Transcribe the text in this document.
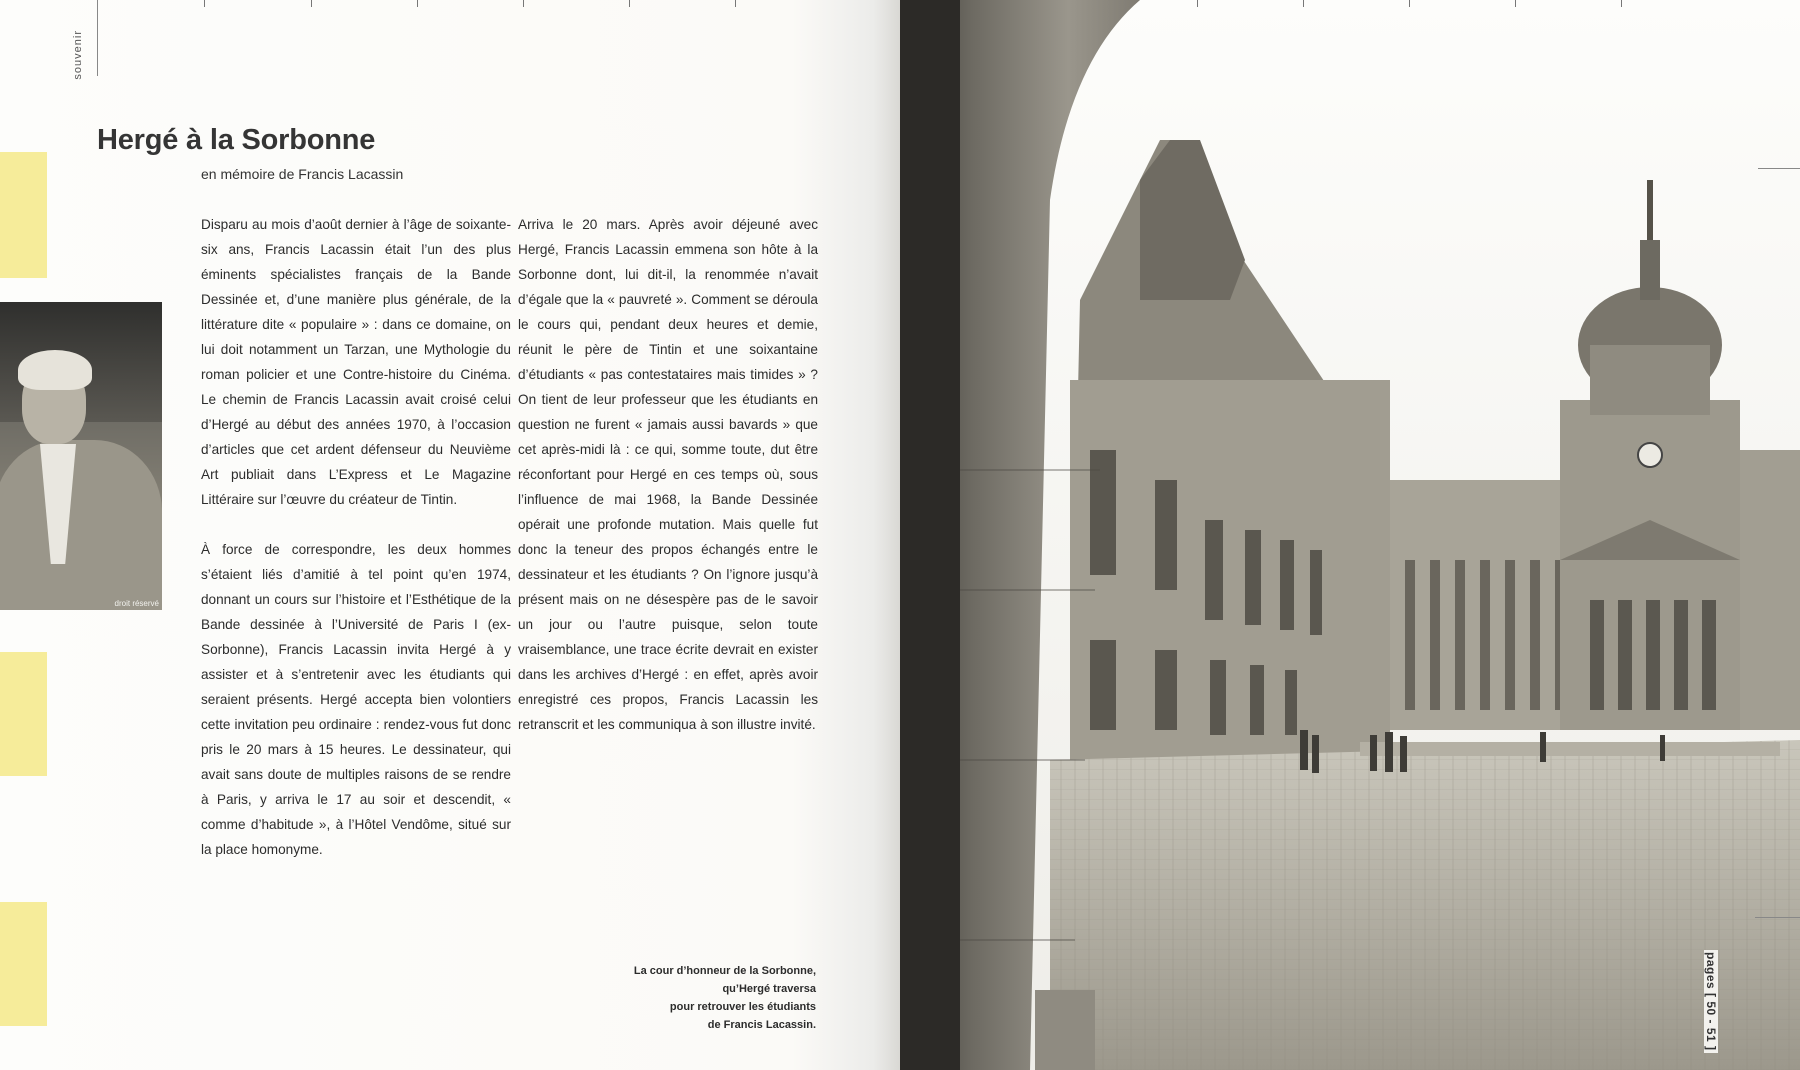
souvenir
Hergé à la Sorbonne
en mémoire de Francis Lacassin
droit réservé

Disparu au mois d’août dernier à l’âge de soixante-six ans, Francis Lacassin était l’un des plus éminents spécialistes français de la Bande Dessinée et, d’une manière plus générale, de la littérature dite « populaire » : dans ce domaine, on lui doit notamment un Tarzan, une Mythologie du roman policier et une Contre-histoire du Cinéma. Le chemin de Francis Lacassin avait croisé celui d’Hergé au début des années 1970, à l’occasion d’articles que cet ardent défenseur du Neuvième Art publiait dans L’Express et Le Magazine Littéraire sur l’œuvre du créateur de Tintin.

À force de correspondre, les deux hommes s’étaient liés d’amitié à tel point qu’en 1974, donnant un cours sur l’histoire et l’Esthétique de la Bande dessinée à l’Université de Paris I (ex-Sorbonne), Francis Lacassin invita Hergé à y assister et à s’entretenir avec les étudiants qui seraient présents. Hergé accepta bien volontiers cette invitation peu ordinaire : rendez-vous fut donc pris le 20 mars à 15 heures. Le dessinateur, qui avait sans doute de multiples raisons de se rendre à Paris, y arriva le 17 au soir et descendit, « comme d’habitude », à l’Hôtel Vendôme, situé sur la place homonyme.

Arriva le 20 mars. Après avoir déjeuné avec Hergé, Francis Lacassin emmena son hôte à la Sorbonne dont, lui dit-il, la renommée n’avait d’égale que la « pauvreté ». Comment se déroula le cours qui, pendant deux heures et demie, réunit le père de Tintin et une soixantaine d’étudiants « pas contestataires mais timides » ? On tient de leur professeur que les étudiants en question ne furent « jamais aussi bavards » que cet après-midi là : ce qui, somme toute, dut être réconfortant pour Hergé en ces temps où, sous l’influence de mai 1968, la Bande Dessinée opérait une profonde mutation. Mais quelle fut donc la teneur des propos échangés entre le dessinateur et les étudiants ? On l’ignore jusqu’à présent mais on ne désespère pas de le savoir un jour ou l’autre puisque, selon toute vraisemblance, une trace écrite devrait en exister dans les archives d’Hergé : en effet, après avoir enregistré ces propos, Francis Lacassin les retranscrit et les communiqua à son illustre invité.

La cour d’honneur de la Sorbonne,
qu’Hergé traversa
pour retrouver les étudiants
de Francis Lacassin.	pages [ 50 - 51 ]
